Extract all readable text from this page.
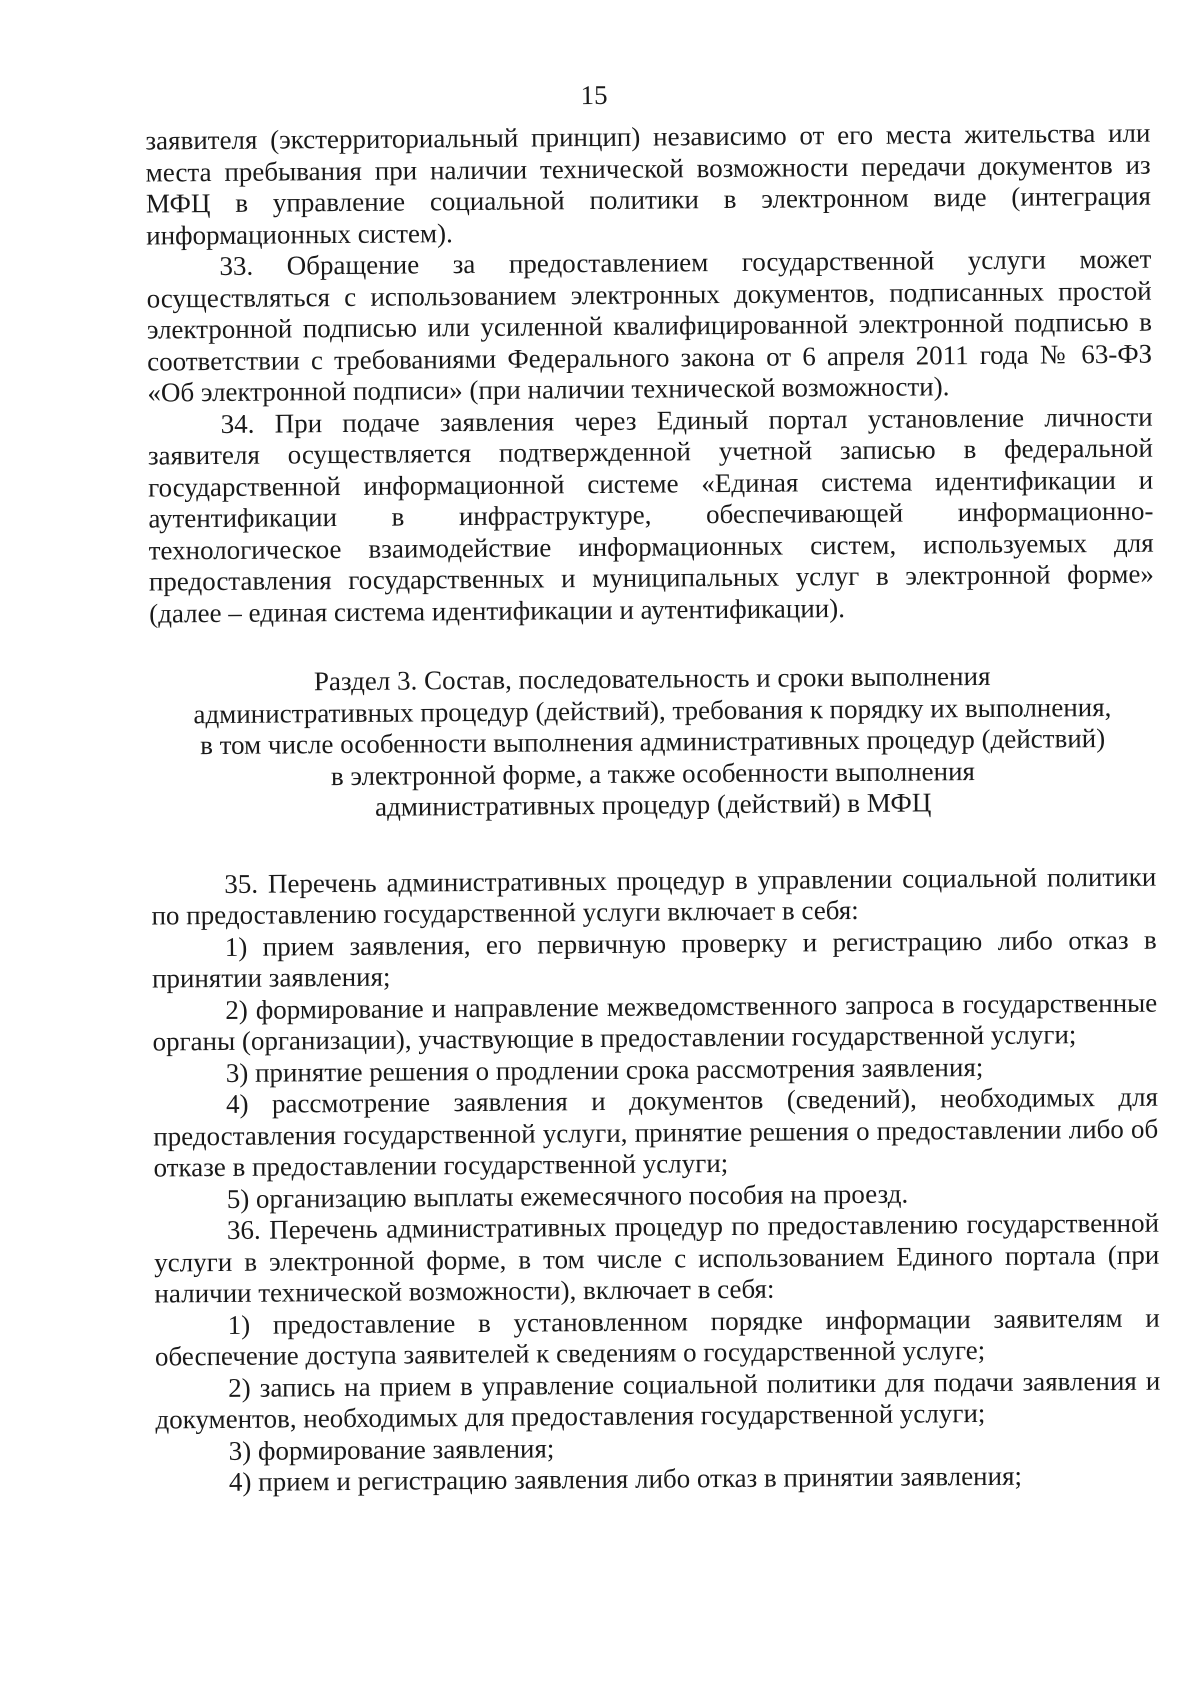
15

заявителя (экстерриториальный принцип) независимо от его места жительства или места пребывания при наличии технической возможности передачи документов из МФЦ в управление социальной политики в электронном виде (интеграция информационных систем).

33. Обращение за предоставлением государственной услуги может осуществляться с использованием электронных документов, подписанных простой электронной подписью или усиленной квалифицированной электронной подписью в соответствии с требованиями Федерального закона от 6 апреля 2011 года № 63-ФЗ «Об электронной подписи» (при наличии технической возможности).

34. При подаче заявления через Единый портал установление личности заявителя осуществляется подтвержденной учетной записью в федеральной государственной информационной системе «Единая система идентификации и аутентификации в инфраструктуре, обеспечивающей информационно-технологическое взаимодействие информационных систем, используемых для предоставления государственных и муниципальных услуг в электронной форме» (далее – единая система идентификации и аутентификации).

Раздел 3. Состав, последовательность и сроки выполнения
административных процедур (действий), требования к порядку их выполнения,
в том числе особенности выполнения административных процедур (действий)
в электронной форме, а также особенности выполнения
административных процедур (действий) в МФЦ

35. Перечень административных процедур в управлении социальной политики по предоставлению государственной услуги включает в себя:

1) прием заявления, его первичную проверку и регистрацию либо отказ в принятии заявления;

2) формирование и направление межведомственного запроса в государственные органы (организации), участвующие в предоставлении государственной услуги;

3) принятие решения о продлении срока рассмотрения заявления;

4) рассмотрение заявления и документов (сведений), необходимых для предоставления государственной услуги, принятие решения о предоставлении либо об отказе в предоставлении государственной услуги;

5) организацию выплаты ежемесячного пособия на проезд.

36. Перечень административных процедур по предоставлению государственной услуги в электронной форме, в том числе с использованием Единого портала (при наличии технической возможности), включает в себя:

1) предоставление в установленном порядке информации заявителям и обеспечение доступа заявителей к сведениям о государственной услуге;

2) запись на прием в управление социальной политики для подачи заявления и документов, необходимых для предоставления государственной услуги;

3) формирование заявления;

4) прием и регистрацию заявления либо отказ в принятии заявления;
